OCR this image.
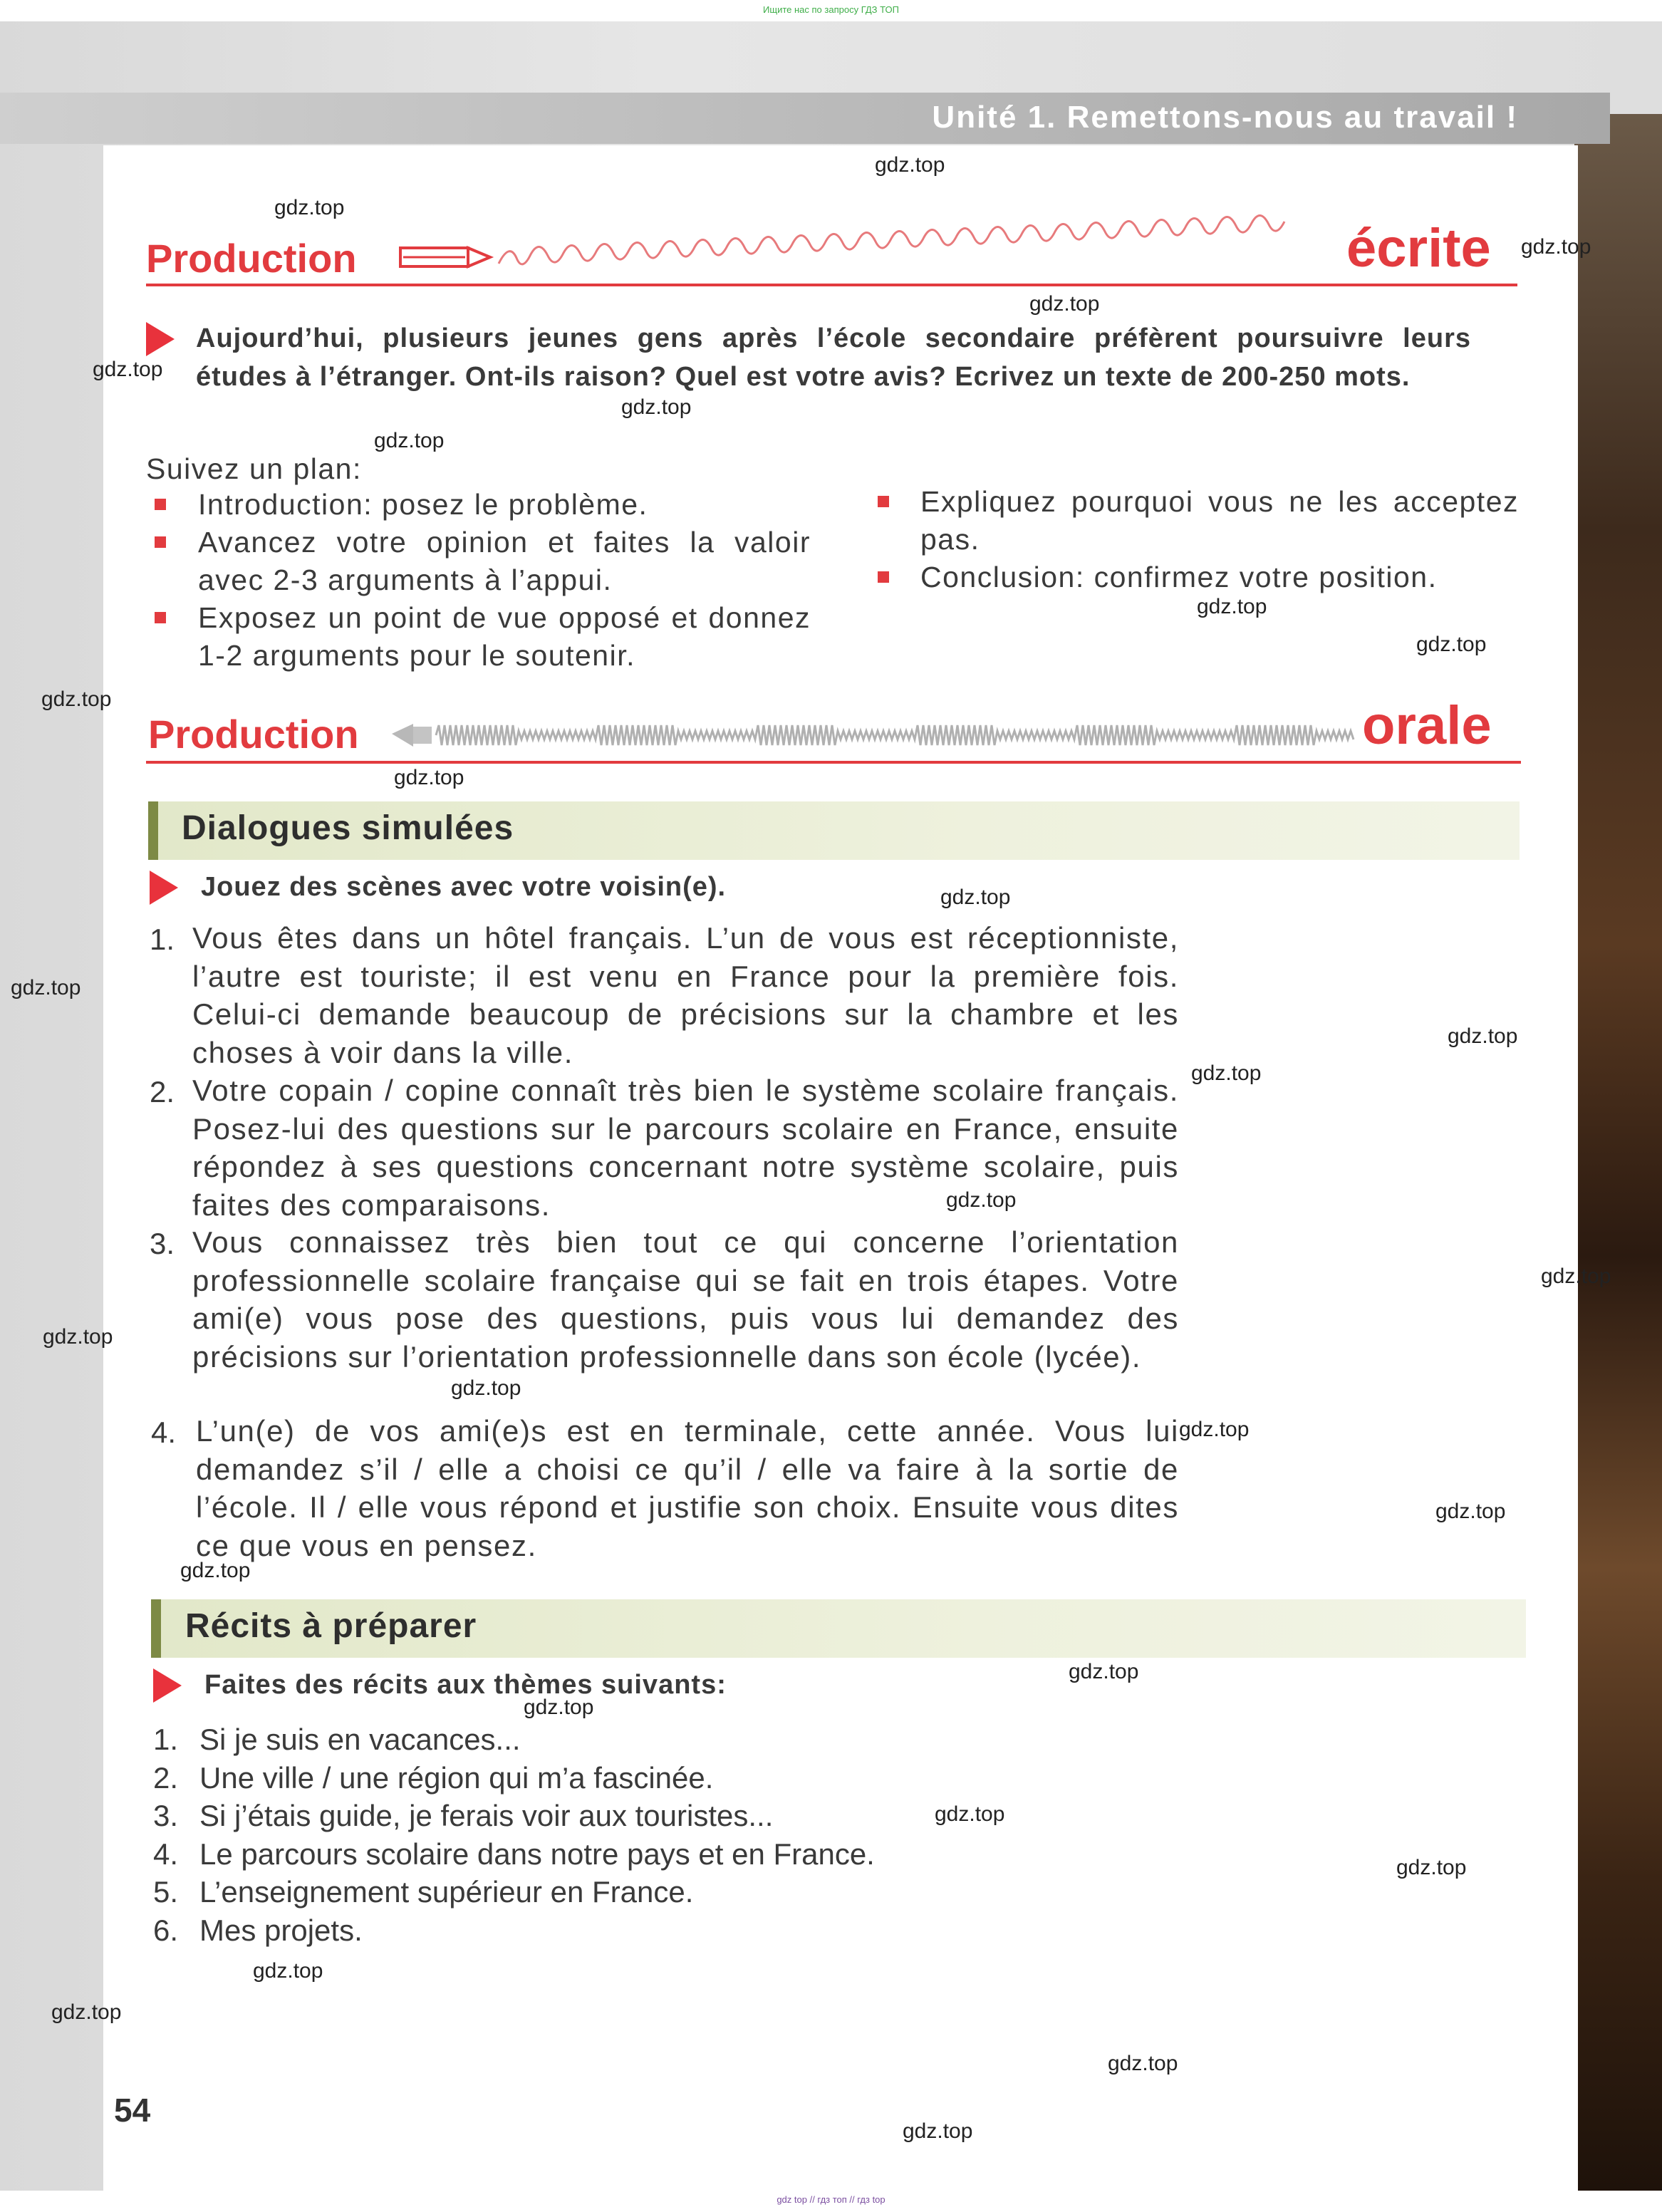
Unité 1. Remettons-nous au travail !
Ищите нас по запросу ГДЗ ТОП
gdz top // гдз топ // гдз top
Production	écrite
Aujourd’hui, plusieurs jeunes gens après l’école secondaire préfèrent poursuivre leurs études à l’étranger. Ont-ils raison? Quel est votre avis? Ecrivez un texte de 200-250 mots.
Suivez un plan:
Introduction: posez le problème.
Avancez votre opinion et faites la valoir avec 2-3 arguments à l’appui.
Exposez un point de vue opposé et donnez 1-2 arguments pour le soutenir.
Expliquez pourquoi vous ne les acceptez pas.
Conclusion: confirmez votre position.
Production	orale
Dialogues simulées
Jouez des scènes avec votre voisin(e).
1. Vous êtes dans un hôtel français. L’un de vous est réceptionniste, l’autre est touriste; il est venu en France pour la première fois. Celui-ci demande beaucoup de précisions sur la chambre et les choses à voir dans la ville.
2. Votre copain / copine connaît très bien le système scolaire français. Posez-lui des questions sur le parcours scolaire en France, ensuite répondez à ses questions concernant notre système scolaire, puis faites des comparaisons.
3. Vous connaissez très bien tout ce qui concerne l’orientation professionnelle scolaire française qui se fait en trois étapes. Votre ami(e) vous pose des questions, puis vous lui demandez des précisions sur l’orientation professionnelle dans son école (lycée).
4. L’un(e) de vos ami(e)s est en terminale, cette année. Vous lui demandez s’il / elle a choisi ce qu’il / elle va faire à la sortie de l’école. Il / elle vous répond et justifie son choix. Ensuite vous dites ce que vous en pensez.
Récits à préparer
Faites des récits aux thèmes suivants:
1. Si je suis en vacances...
2. Une ville / une région qui m’a fascinée.
3. Si j’étais guide, je ferais voir aux touristes...
4. Le parcours scolaire dans notre pays et en France.
5. L’enseignement supérieur en France.
6. Mes projets.
54
gdz.top
gdz.top
gdz.top
gdz.top
gdz.top
gdz.top
gdz.top
gdz.top
gdz.top
gdz.top
gdz.top
gdz.top
gdz.top
gdz.top
gdz.top
gdz.top
gdz.top
gdz.top
gdz.top
gdz.top
gdz.top
gdz.top
gdz.top
gdz.top
gdz.top
gdz.top
gdz.top
gdz.top
gdz.top
gdz.top
